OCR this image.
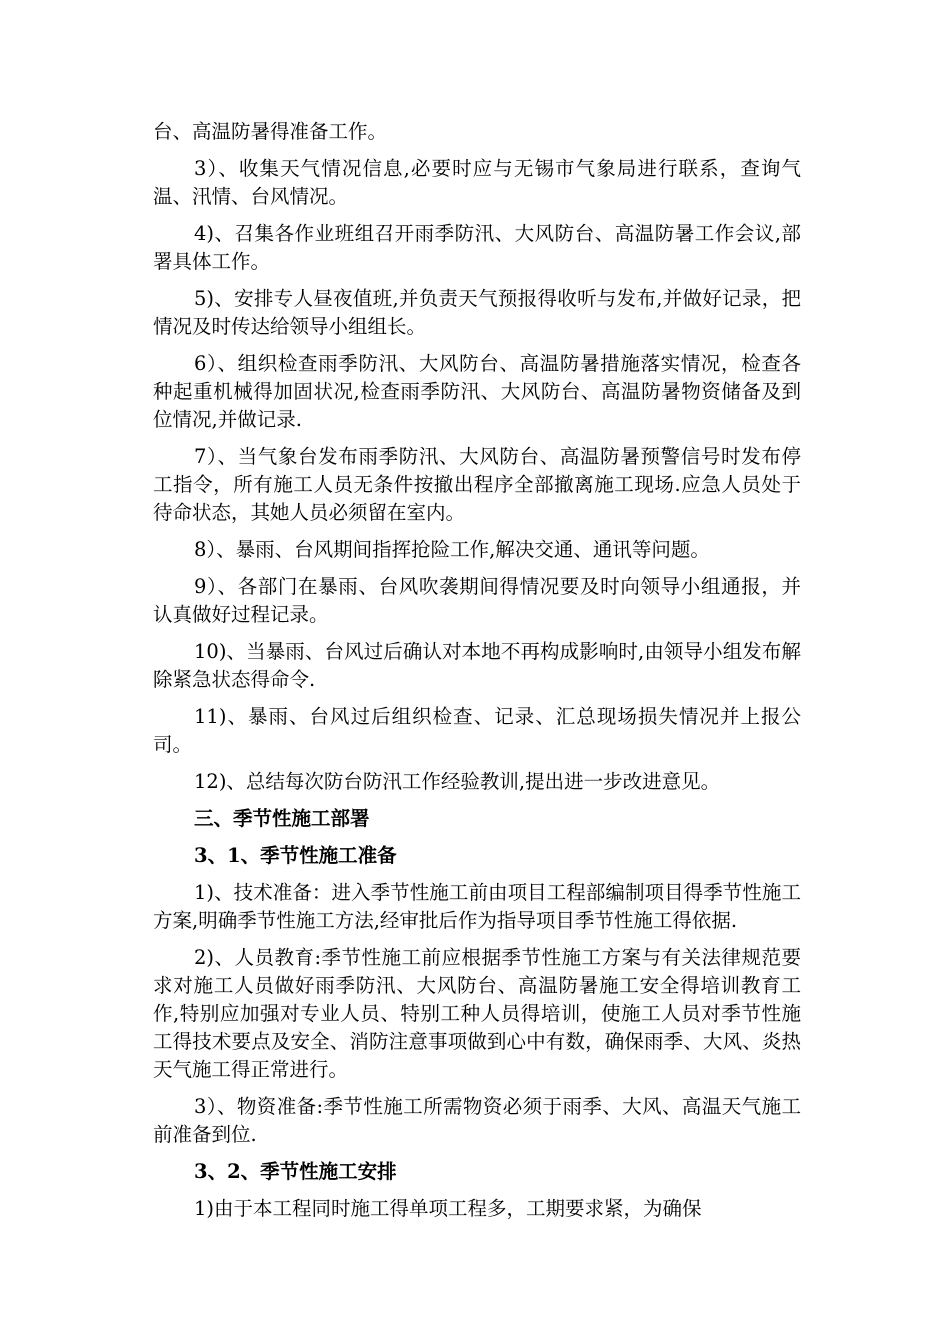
台、高温防暑得准备工作。

3）、收集天气情况信息,必要时应与无锡市气象局进行联系，查询气温、汛情、台风情况。

4)、召集各作业班组召开雨季防汛、大风防台、高温防暑工作会议,部署具体工作。

5)、安排专人昼夜值班,并负责天气预报得收听与发布,并做好记录，把情况及时传达给领导小组组长。

6）、组织检查雨季防汛、大风防台、高温防暑措施落实情况，检查各种起重机械得加固状况,检查雨季防汛、大风防台、高温防暑物资储备及到位情况,并做记录.

7）、当气象台发布雨季防汛、大风防台、高温防暑预警信号时发布停工指令，所有施工人员无条件按撤出程序全部撤离施工现场.应急人员处于待命状态，其她人员必须留在室内。

8）、暴雨、台风期间指挥抢险工作,解决交通、通讯等问题。

9）、各部门在暴雨、台风吹袭期间得情况要及时向领导小组通报，并认真做好过程记录。

10)、当暴雨、台风过后确认对本地不再构成影响时,由领导小组发布解除紧急状态得命令.

11)、暴雨、台风过后组织检查、记录、汇总现场损失情况并上报公司。

12)、总结每次防台防汛工作经验教训,提出进一步改进意见。

三、季节性施工部署

3、1、季节性施工准备

1)、技术准备：进入季节性施工前由项目工程部编制项目得季节性施工方案,明确季节性施工方法,经审批后作为指导项目季节性施工得依据.

2)、人员教育:季节性施工前应根据季节性施工方案与有关法律规范要求对施工人员做好雨季防汛、大风防台、高温防暑施工安全得培训教育工作,特别应加强对专业人员、特别工种人员得培训，使施工人员对季节性施工得技术要点及安全、消防注意事项做到心中有数，确保雨季、大风、炎热天气施工得正常进行。

3）、物资准备:季节性施工所需物资必须于雨季、大风、高温天气施工前准备到位.

3、2、季节性施工安排

1)由于本工程同时施工得单项工程多，工期要求紧，为确保
